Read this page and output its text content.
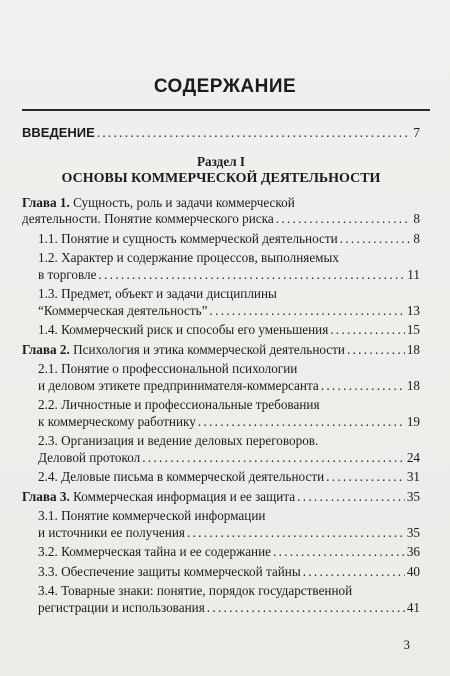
СОДЕРЖАНИЕ
ВВЕДЕНИЕ . . .	7
Раздел I
ОСНОВЫ КОММЕРЧЕСКОЙ ДЕЯТЕЛЬНОСТИ
Глава 1. Сущность, роль и задачи коммерческой
деятельности. Понятие коммерческого риска . . .	8
1.1. Понятие и сущность коммерческой деятельности . . .	8
1.2. Характер и содержание процессов, выполняемых
в торговле . . .	11
1.3. Предмет, объект и задачи дисциплины
“Коммерческая деятельность” . . .	13
1.4. Коммерческий риск и способы его уменьшения . . .	15
Глава 2. Психология и этика коммерческой деятельности . . .	18
2.1. Понятие о профессиональной психологии
и деловом этикете предпринимателя-коммерсанта . . .	18
2.2. Личностные и профессиональные требования
к коммерческому работнику . . .	19
2.3. Организация и ведение деловых переговоров.
Деловой протокол . . .	24
2.4. Деловые письма в коммерческой деятельности . . .	31
Глава 3. Коммерческая информация и ее защита . . .	35
3.1. Понятие коммерческой информации
и источники ее получения . . .	35
3.2. Коммерческая тайна и ее содержание . . .	36
3.3. Обеспечение защиты коммерческой тайны . . .	40
3.4. Товарные знаки: понятие, порядок государственной
регистрации и использования . . .	41
3
